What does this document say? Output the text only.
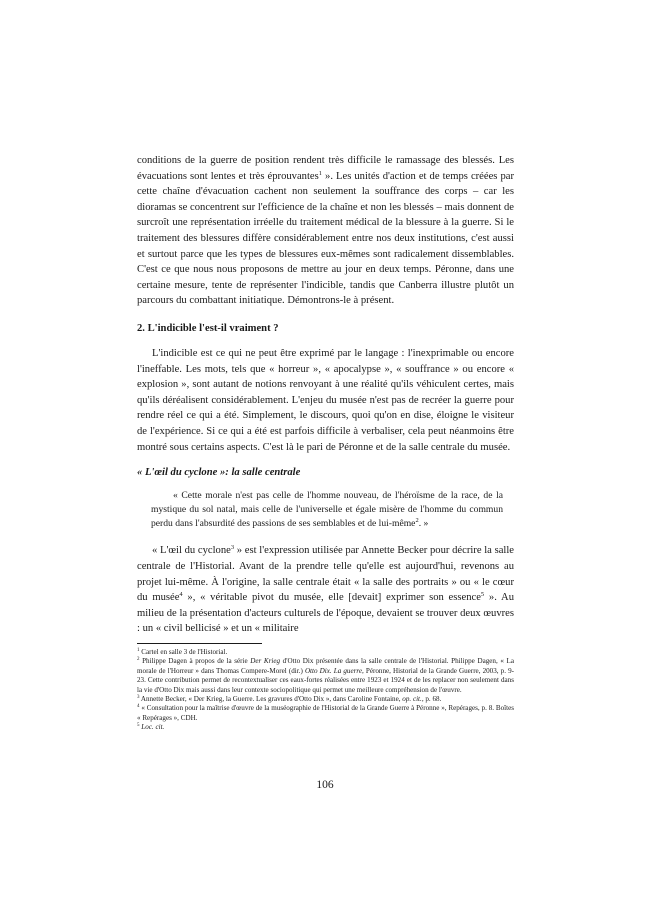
conditions de la guerre de position rendent très difficile le ramassage des blessés. Les évacuations sont lentes et très éprouvantes$^1$ ». Les unités d'action et de temps créées par cette chaîne d'évacuation cachent non seulement la souffrance des corps – car les dioramas se concentrent sur l'efficience de la chaîne et non les blessés – mais donnent de surcroît une représentation irréelle du traitement médical de la blessure à la guerre. Si le traitement des blessures diffère considérablement entre nos deux institutions, c'est aussi et surtout parce que les types de blessures eux-mêmes sont radicalement dissemblables. C'est ce que nous nous proposons de mettre au jour en deux temps. Péronne, dans une certaine mesure, tente de représenter l'indicible, tandis que Canberra illustre plutôt un parcours du combattant initiatique. Démontrons-le à présent.

2. L'indicible l'est-il vraiment ?

L'indicible est ce qui ne peut être exprimé par le langage : l'inexprimable ou encore l'ineffable. Les mots, tels que « horreur », « apocalypse », « souffrance » ou encore « explosion », sont autant de notions renvoyant à une réalité qu'ils véhiculent certes, mais qu'ils déréalisent considérablement. L'enjeu du musée n'est pas de recréer la guerre pour rendre réel ce qui a été. Simplement, le discours, quoi qu'on en dise, éloigne le visiteur de l'expérience. Si ce qui a été est parfois difficile à verbaliser, cela peut néanmoins être montré sous certains aspects. C'est là le pari de Péronne et de la salle centrale du musée.

« L'œil du cyclone »: la salle centrale
« Cette morale n'est pas celle de l'homme nouveau, de l'héroïsme de la race, de la mystique du sol natal, mais celle de l'universelle et égale misère de l'homme du commun perdu dans l'absurdité des passions de ses semblables et de lui-même$^2$. »

« L'œil du cyclone$^3$ » est l'expression utilisée par Annette Becker pour décrire la salle centrale de l'Historial. Avant de la prendre telle qu'elle est aujourd'hui, revenons au projet lui-même. À l'origine, la salle centrale était « la salle des portraits » ou « le cœur du musée$^4$ », « véritable pivot du musée, elle [devait] exprimer son essence$^5$ ». Au milieu de la présentation d'acteurs culturels de l'époque, devaient se trouver deux œuvres : un « civil bellicisé » et un « militaire

$^1$ Cartel en salle 3 de l'Historial.

$^2$ Philippe Dagen à propos de la série Der Krieg d'Otto Dix présentée dans la salle centrale de l'Historial. Philippe Dagen, « La morale de l'Horreur » dans Thomas Compere-Morel (dir.) Otto Dix. La guerre, Péronne, Historial de la Grande Guerre, 2003, p. 9-23. Cette contribution permet de recontextualiser ces eaux-fortes réalisées entre 1923 et 1924 et de les replacer non seulement dans la vie d'Otto Dix mais aussi dans leur contexte sociopolitique qui permet une meilleure compréhension de l'œuvre.

$^3$ Annette Becker, « Der Krieg, la Guerre. Les gravures d'Otto Dix », dans Caroline Fontaine, op. cit., p. 68.

$^4$ « Consultation pour la maîtrise d'œuvre de la muséographie de l'Historial de la Grande Guerre à Péronne », Repérages, p. 8. Boîtes « Repérages », CDH.

$^5$ Loc. cit.

106
